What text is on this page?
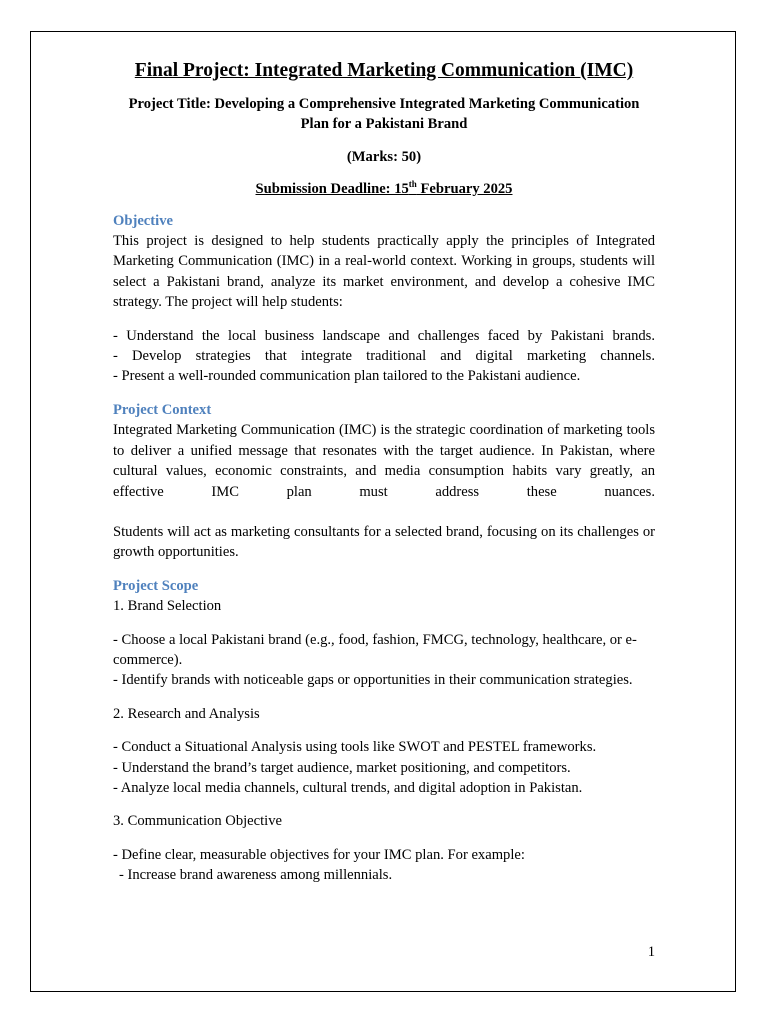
Final Project: Integrated Marketing Communication (IMC)
Project Title: Developing a Comprehensive Integrated Marketing Communication Plan for a Pakistani Brand
(Marks: 50)
Submission Deadline: 15th February 2025
Objective
This project is designed to help students practically apply the principles of Integrated Marketing Communication (IMC) in a real-world context. Working in groups, students will select a Pakistani brand, analyze its market environment, and develop a cohesive IMC strategy. The project will help students:
- Understand the local business landscape and challenges faced by Pakistani brands.
- Develop strategies that integrate traditional and digital marketing channels.
- Present a well-rounded communication plan tailored to the Pakistani audience.
Project Context
Integrated Marketing Communication (IMC) is the strategic coordination of marketing tools to deliver a unified message that resonates with the target audience. In Pakistan, where cultural values, economic constraints, and media consumption habits vary greatly, an effective IMC plan must address these nuances.
Students will act as marketing consultants for a selected brand, focusing on its challenges or growth opportunities.
Project Scope
1. Brand Selection
- Choose a local Pakistani brand (e.g., food, fashion, FMCG, technology, healthcare, or e-commerce).
- Identify brands with noticeable gaps or opportunities in their communication strategies.
2. Research and Analysis
- Conduct a Situational Analysis using tools like SWOT and PESTEL frameworks.
- Understand the brand’s target audience, market positioning, and competitors.
- Analyze local media channels, cultural trends, and digital adoption in Pakistan.
3. Communication Objective
- Define clear, measurable objectives for your IMC plan. For example:
- Increase brand awareness among millennials.
1
